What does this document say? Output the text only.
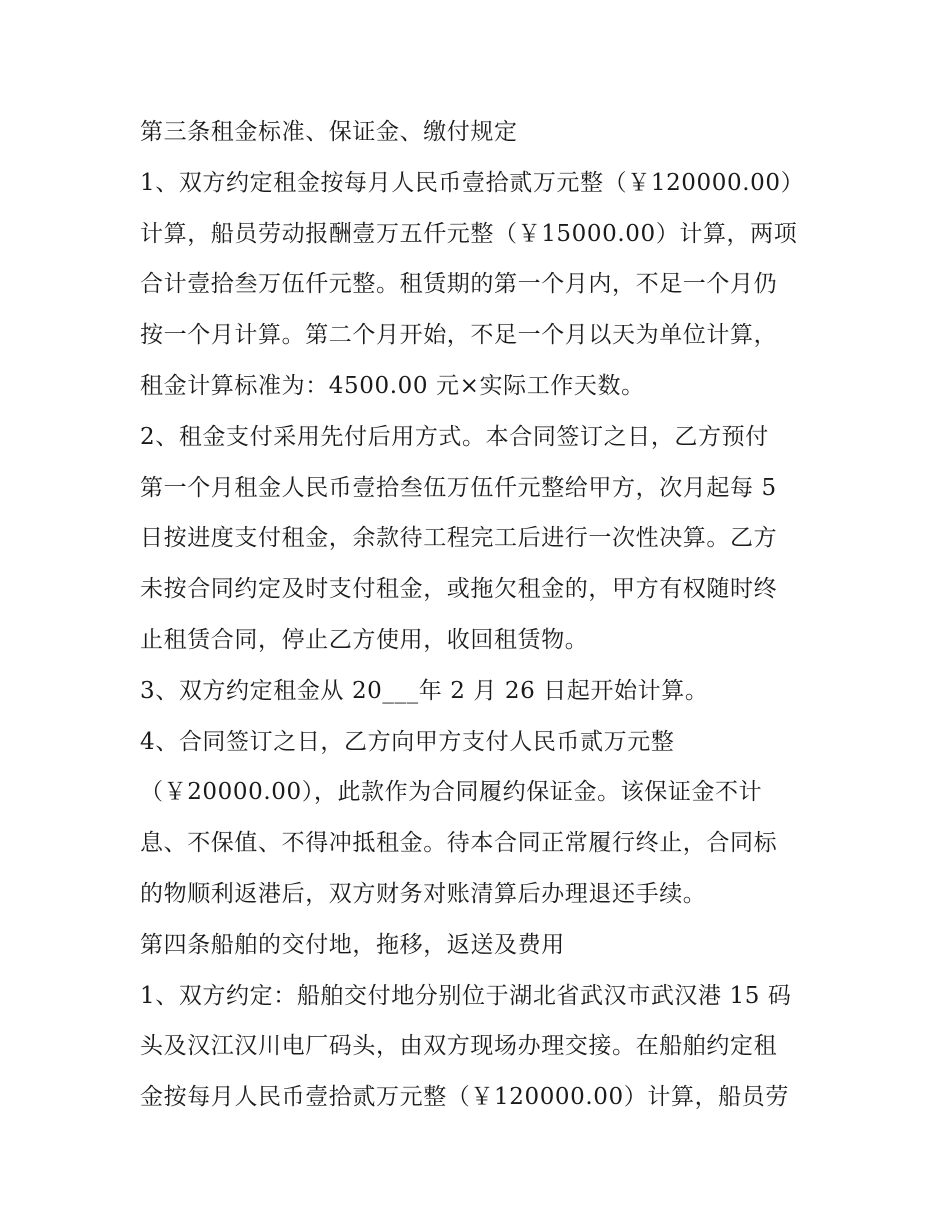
第三条租金标准、保证金、缴付规定
1、双方约定租金按每月人民币壹拾贰万元整（￥120000.00）
计算，船员劳动报酬壹万五仟元整（￥15000.00）计算，两项
合计壹拾叁万伍仟元整。租赁期的第一个月内，不足一个月仍
按一个月计算。第二个月开始，不足一个月以天为单位计算，
租金计算标准为：4500.00 元×实际工作天数。
2、租金支付采用先付后用方式。本合同签订之日，乙方预付
第一个月租金人民币壹拾叁伍万伍仟元整给甲方，次月起每 5
日按进度支付租金，余款待工程完工后进行一次性决算。乙方
未按合同约定及时支付租金，或拖欠租金的，甲方有权随时终
止租赁合同，停止乙方使用，收回租赁物。
3、双方约定租金从 20___年 2 月 26 日起开始计算。
4、合同签订之日，乙方向甲方支付人民币贰万元整
（￥20000.00），此款作为合同履约保证金。该保证金不计
息、不保值、不得冲抵租金。待本合同正常履行终止，合同标
的物顺利返港后，双方财务对账清算后办理退还手续。
第四条船舶的交付地，拖移，返送及费用
1、双方约定：船舶交付地分别位于湖北省武汉市武汉港 15 码
头及汉江汉川电厂码头，由双方现场办理交接。在船舶约定租
金按每月人民币壹拾贰万元整（￥120000.00）计算，船员劳
